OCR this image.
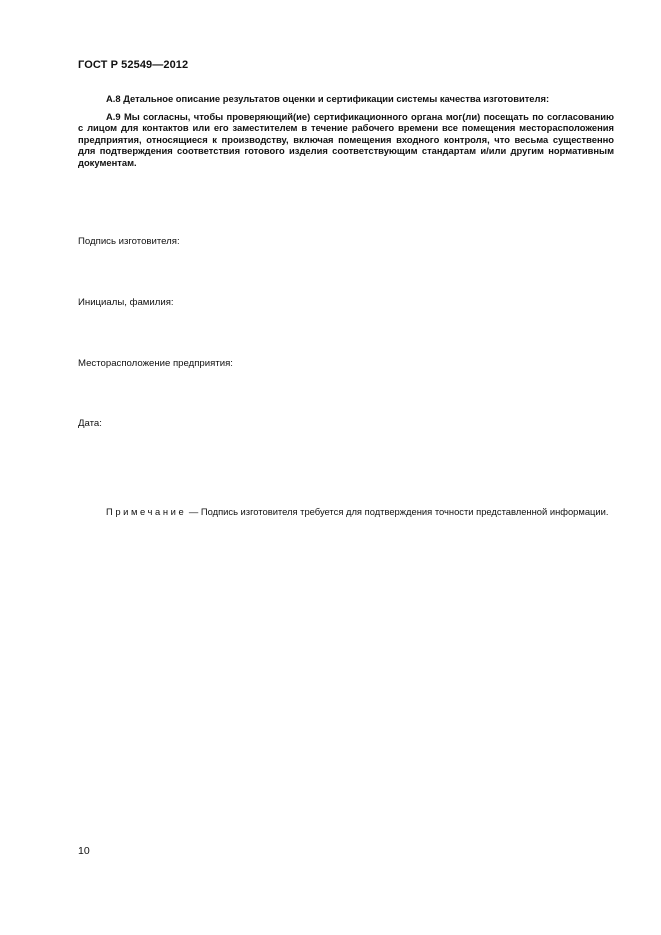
ГОСТ Р 52549—2012

А.8 Детальное описание результатов оценки и сертификации системы качества изготовителя:

А.9 Мы согласны, чтобы проверяющий(ие) сертификационного органа мог(ли) посещать по согласованию с лицом для контактов или его заместителем в течение рабочего времени все помещения месторасположения предприятия, относящиеся к производству, включая помещения входного контроля, что весьма существенно для подтверждения соответствия готового изделия соответствующим стандартам и/или другим нормативным документам.

Подпись изготовителя:
Инициалы, фамилия:
Месторасположение предприятия:
Дата:

Примечание — Подпись изготовителя требуется для подтверждения точности представленной информации.

10
